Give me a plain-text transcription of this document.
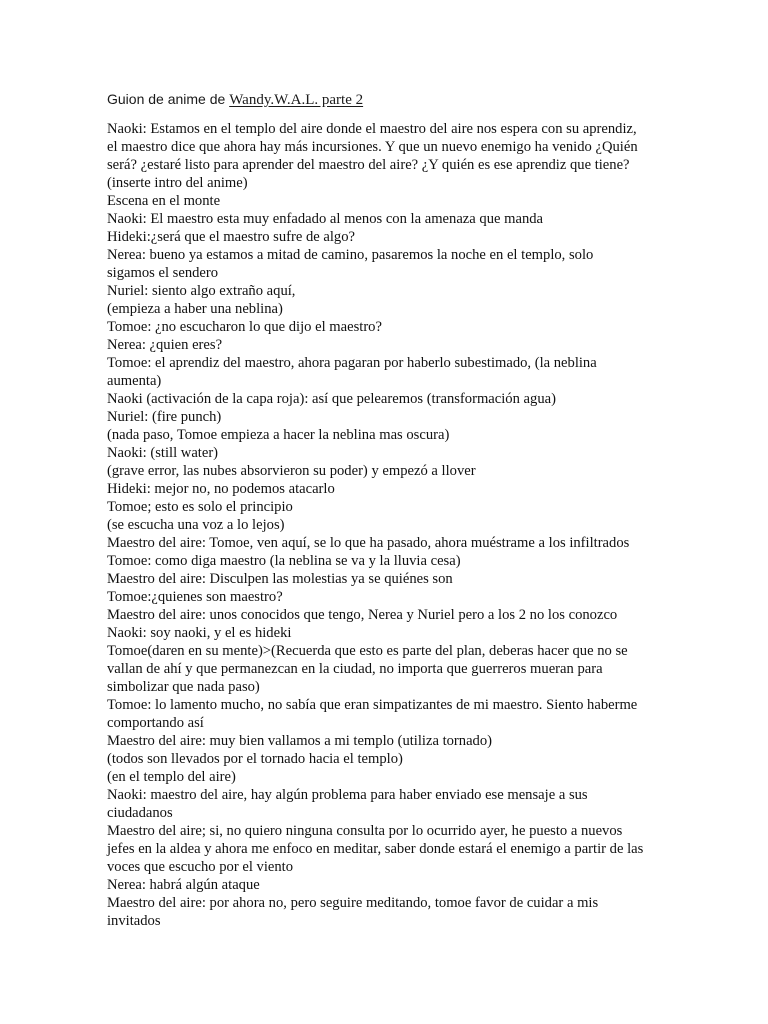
Guion de anime de Wandy.W.A.L. parte 2

Naoki: Estamos en el templo del aire donde el maestro del aire nos espera con su aprendiz,

el maestro dice que ahora hay más incursiones. Y que un nuevo enemigo ha venido ¿Quién

será? ¿estaré listo para aprender del maestro del aire? ¿Y quién es ese aprendiz que tiene?

(inserte intro del anime)

Escena en el monte

Naoki: El maestro esta muy enfadado al menos con la amenaza que manda

Hideki:¿será que el maestro sufre de algo?

Nerea: bueno ya estamos a mitad de camino, pasaremos la noche en el templo, solo

sigamos el sendero

Nuriel: siento algo extraño aquí,

(empieza a haber una neblina)

Tomoe: ¿no escucharon lo que dijo el maestro?

Nerea: ¿quien eres?

Tomoe: el aprendiz del maestro, ahora pagaran por haberlo subestimado, (la neblina

aumenta)

Naoki (activación de la capa roja): así que pelearemos (transformación agua)

Nuriel: (fire punch)

(nada paso, Tomoe empieza a hacer la neblina mas oscura)

Naoki: (still water)

(grave error, las nubes absorvieron su poder) y empezó a llover

Hideki: mejor no, no podemos atacarlo

Tomoe; esto es solo el principio

(se escucha una voz a lo lejos)

Maestro del aire: Tomoe, ven aquí, se lo que ha pasado, ahora muéstrame a los infiltrados

Tomoe: como diga maestro (la neblina se va y la lluvia cesa)

Maestro del aire: Disculpen las molestias ya se quiénes son

Tomoe:¿quienes son maestro?

Maestro del aire: unos conocidos que tengo, Nerea y Nuriel pero a los 2 no los conozco

Naoki: soy naoki, y el es hideki

Tomoe(daren en su mente)>(Recuerda que esto es parte del plan, deberas hacer que no se

vallan de ahí y que permanezcan en la ciudad, no importa que guerreros mueran para

simbolizar que nada paso)

Tomoe: lo lamento mucho, no sabía que eran simpatizantes de mi maestro. Siento haberme

comportando así

Maestro del aire: muy bien vallamos a mi templo (utiliza tornado)

(todos son llevados por el tornado hacia el templo)

(en el templo del aire)

Naoki: maestro del aire, hay algún problema para haber enviado ese mensaje a sus

ciudadanos

Maestro del aire; si, no quiero ninguna consulta por lo ocurrido ayer, he puesto a nuevos

jefes en la aldea y ahora me enfoco en meditar, saber donde estará el enemigo a partir de las

voces que escucho por el viento

Nerea: habrá algún ataque

Maestro del aire: por ahora no, pero seguire meditando, tomoe favor de cuidar a mis

invitados
